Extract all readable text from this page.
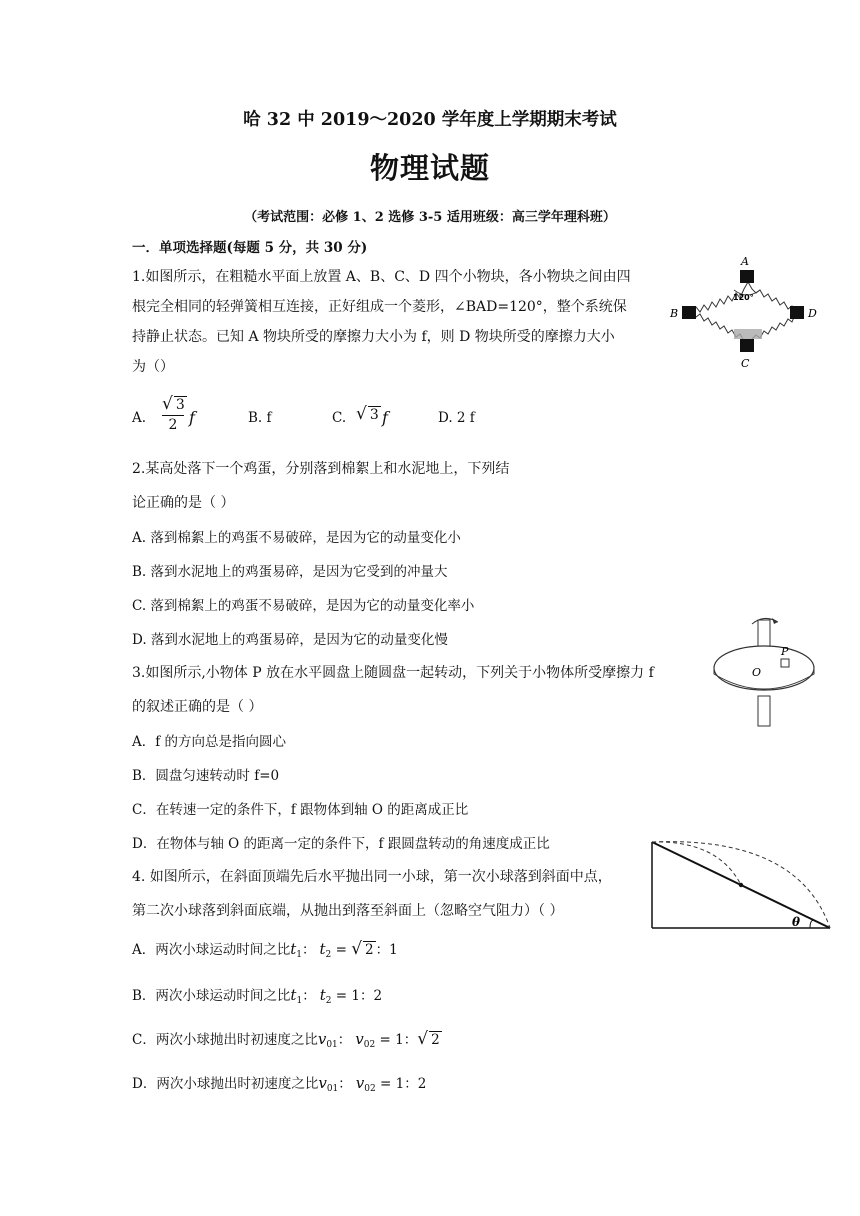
哈 32 中 2019～2020 学年度上学期期末考试
物理试题
（考试范围：必修 1、2 选修 3-5 适用班级：高三学年理科班）
一．单项选择题(每题 5 分，共 30 分)
1.如图所示，在粗糙水平面上放置 A、B、C、D 四个小物块，各小物块之间由四
根完全相同的轻弹簧相互连接，正好组成一个菱形，∠BAD=120°，整个系统保
持静止状态。已知 A 物块所受的摩擦力大小为 f，则 D 物块所受的摩擦力大小
为（）
A.
√ 3
2 f	B. f	C. √ 3 f	D. 2 f
A
B
C
D
120°
2.某高处落下一个鸡蛋，分别落到棉絮上和水泥地上，下列结
论正确的是（ ）
A. 落到棉絮上的鸡蛋不易破碎，是因为它的动量变化小
B. 落到水泥地上的鸡蛋易碎，是因为它受到的冲量大
C. 落到棉絮上的鸡蛋不易破碎，是因为它的动量变化率小
D. 落到水泥地上的鸡蛋易碎，是因为它的动量变化慢
3.如图所示,小物体 P 放在水平圆盘上随圆盘一起转动，下列关于小物体所受摩擦力 f
的叙述正确的是（ ）
A．f 的方向总是指向圆心
B．圆盘匀速转动时 f=0
C．在转速一定的条件下，f 跟物体到轴 O 的距离成正比
D．在物体与轴 O 的距离一定的条件下，f 跟圆盘转动的角速度成正比
P
O
4. 如图所示，在斜面顶端先后水平抛出同一小球，第一次小球落到斜面中点，
第二次小球落到斜面底端，从抛出到落至斜面上（忽略空气阻力）（ ）
A．两次小球运动时间之比$t_1$： $t_2$ = √ 2 ：1
B．两次小球运动时间之比$t_1$： $t_2 = 1$：2
C．两次小球抛出时初速度之比$v_{01}$： $v_{02} = 1$：√ 2
D．两次小球抛出时初速度之比$v_{01}$： $v_{02} = 1$：2
θ
